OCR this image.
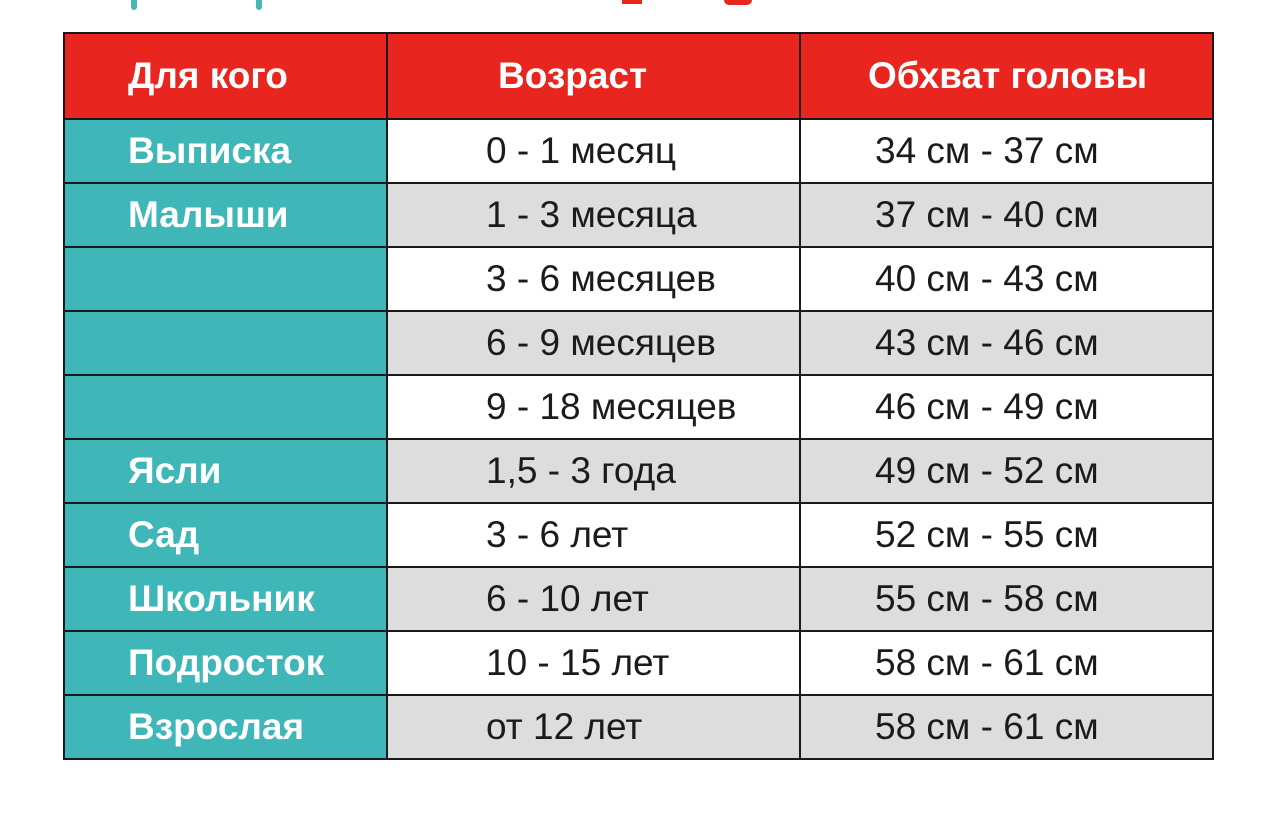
Для кого	Возраст	Обхват головы
Выписка	0 - 1 месяц	34 см - 37 см
Малыши	1 - 3 месяца	37 см - 40 см
	3 - 6 месяцев	40 см - 43 см
	6 - 9 месяцев	43 см - 46 см
	9 - 18 месяцев	46 см - 49 см
Ясли	1,5 - 3 года	49 см - 52 см
Сад	3 - 6 лет	52 см - 55 см
Школьник	6 - 10 лет	55 см - 58 см
Подросток	10 - 15 лет	58 см - 61 см
Взрослая	от 12 лет	58 см - 61 см
